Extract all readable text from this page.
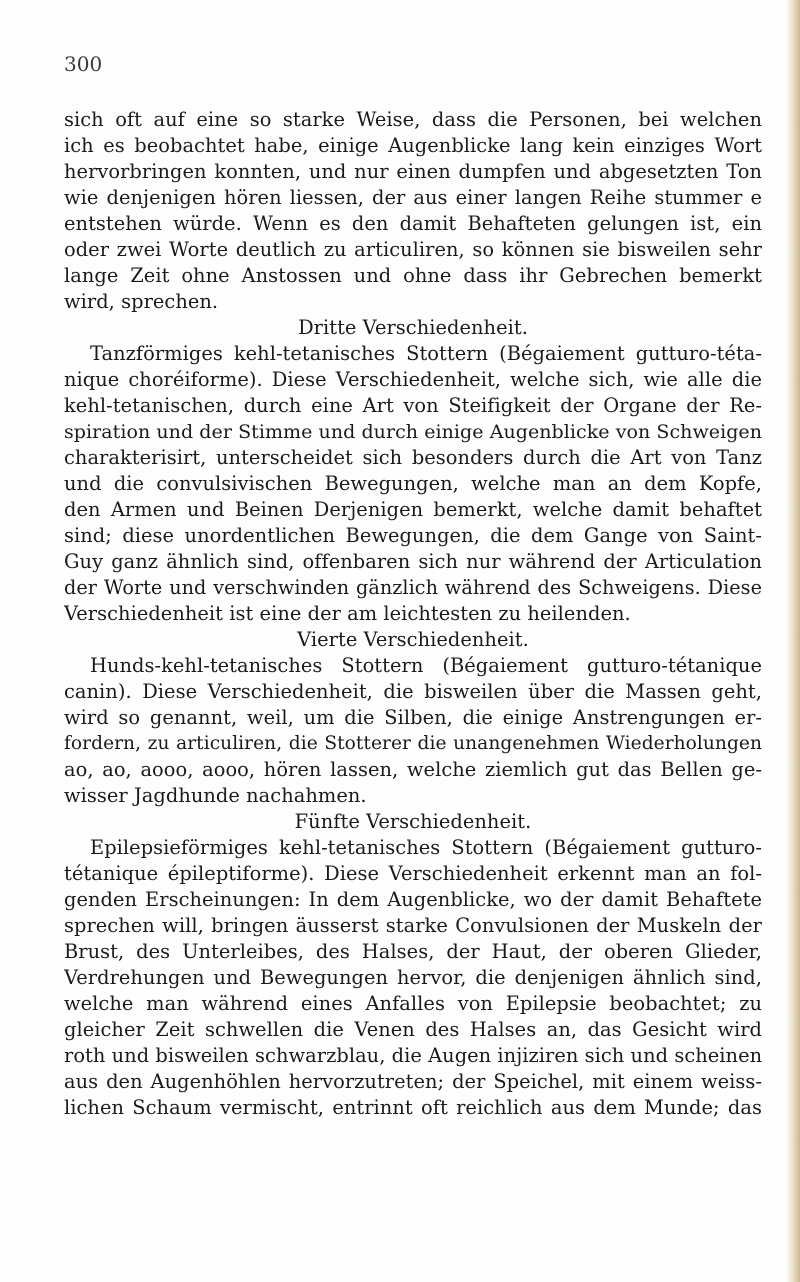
300
sich oft auf eine so starke Weise, dass die Personen, bei welchen
ich es beobachtet habe, einige Augenblicke lang kein einziges Wort
hervorbringen konnten, und nur einen dumpfen und abgesetzten Ton
wie denjenigen hören liessen, der aus einer langen Reihe stummer e
entstehen würde. Wenn es den damit Behafteten gelungen ist, ein
oder zwei Worte deutlich zu articuliren, so können sie bisweilen sehr
lange Zeit ohne Anstossen und ohne dass ihr Gebrechen bemerkt
wird, sprechen.
Dritte Verschiedenheit.
Tanzförmiges kehl-tetanisches Stottern (Bégaiement gutturo-téta-
nique choréiforme). Diese Verschiedenheit, welche sich, wie alle die
kehl-tetanischen, durch eine Art von Steifigkeit der Organe der Re-
spiration und der Stimme und durch einige Augenblicke von Schweigen
charakterisirt, unterscheidet sich besonders durch die Art von Tanz
und die convulsivischen Bewegungen, welche man an dem Kopfe,
den Armen und Beinen Derjenigen bemerkt, welche damit behaftet
sind; diese unordentlichen Bewegungen, die dem Gange von Saint-
Guy ganz ähnlich sind, offenbaren sich nur während der Articulation
der Worte und verschwinden gänzlich während des Schweigens. Diese
Verschiedenheit ist eine der am leichtesten zu heilenden.
Vierte Verschiedenheit.
Hunds-kehl-tetanisches Stottern (Bégaiement gutturo-tétanique
canin). Diese Verschiedenheit, die bisweilen über die Massen geht,
wird so genannt, weil, um die Silben, die einige Anstrengungen er-
fordern, zu articuliren, die Stotterer die unangenehmen Wiederholungen
ao, ao, aooo, aooo, hören lassen, welche ziemlich gut das Bellen ge-
wisser Jagdhunde nachahmen.
Fünfte Verschiedenheit.
Epilepsieförmiges kehl-tetanisches Stottern (Bégaiement gutturo-
tétanique épileptiforme). Diese Verschiedenheit erkennt man an fol-
genden Erscheinungen: In dem Augenblicke, wo der damit Behaftete
sprechen will, bringen äusserst starke Convulsionen der Muskeln der
Brust, des Unterleibes, des Halses, der Haut, der oberen Glieder,
Verdrehungen und Bewegungen hervor, die denjenigen ähnlich sind,
welche man während eines Anfalles von Epilepsie beobachtet; zu
gleicher Zeit schwellen die Venen des Halses an, das Gesicht wird
roth und bisweilen schwarzblau, die Augen injiziren sich und scheinen
aus den Augenhöhlen hervorzutreten; der Speichel, mit einem weiss-
lichen Schaum vermischt, entrinnt oft reichlich aus dem Munde; das
